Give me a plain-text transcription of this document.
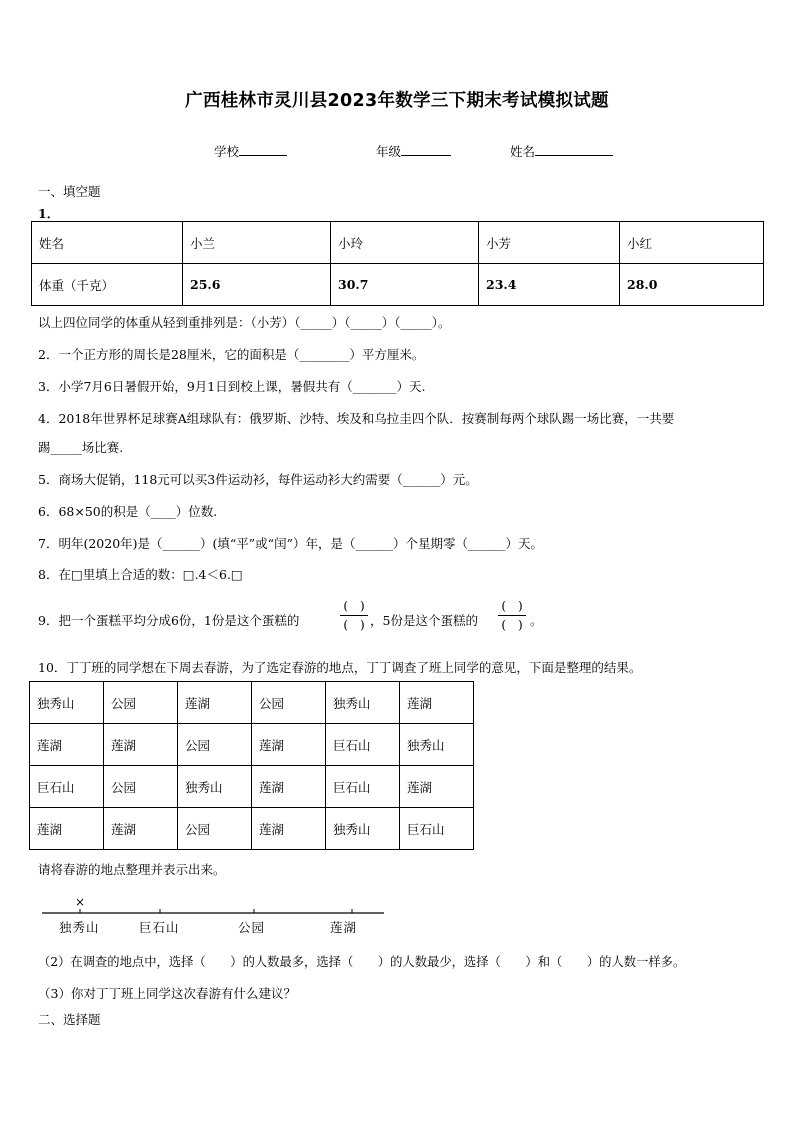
广西桂林市灵川县2023年数学三下期末考试模拟试题
学校	年级	姓名
一、填空题
1．
姓名	小兰	小玲	小芳	小红
体重（千克）	25.6	30.7	23.4	28.0
以上四位同学的体重从轻到重排列是：（小芳）（_____）（_____）（_____）。
2．一个正方形的周长是28厘米，它的面积是（________）平方厘米。
3．小学7月6日暑假开始，9月1日到校上课，暑假共有（_______）天.
4．2018年世界杯足球赛A组球队有：俄罗斯、沙特、埃及和乌拉圭四个队．按赛制每两个球队踢一场比赛，一共要
踢_____场比赛.
5．商场大促销，118元可以买3件运动衫，每件运动衫大约需要（______）元。
6．68×50的积是（____）位数.
7．明年(2020年)是（______）(填“平”或“闰”）年，是（______）个星期零（______）天。
8．在□里填上合适的数：□.4＜6.□
9．把一个蛋糕平均分成6份，1份是这个蛋糕的
(　)
(　) ，5份是这个蛋糕的
(　)
(　) 。
10．丁丁班的同学想在下周去春游，为了选定春游的地点，丁丁调查了班上同学的意见，下面是整理的结果。
独秀山	公园	莲湖	公园	独秀山	莲湖
莲湖	莲湖	公园	莲湖	巨石山	独秀山
巨石山	公园	独秀山	莲湖	巨石山	莲湖
莲湖	莲湖	公园	莲湖	独秀山	巨石山
请将春游的地点整理并表示出来。
×
独秀山	巨石山	公园	莲湖
（2）在调查的地点中，选择（　　）的人数最多，选择（　　）的人数最少，选择（　　）和（　　）的人数一样多。
（3）你对丁丁班上同学这次春游有什么建议？
二、选择题
